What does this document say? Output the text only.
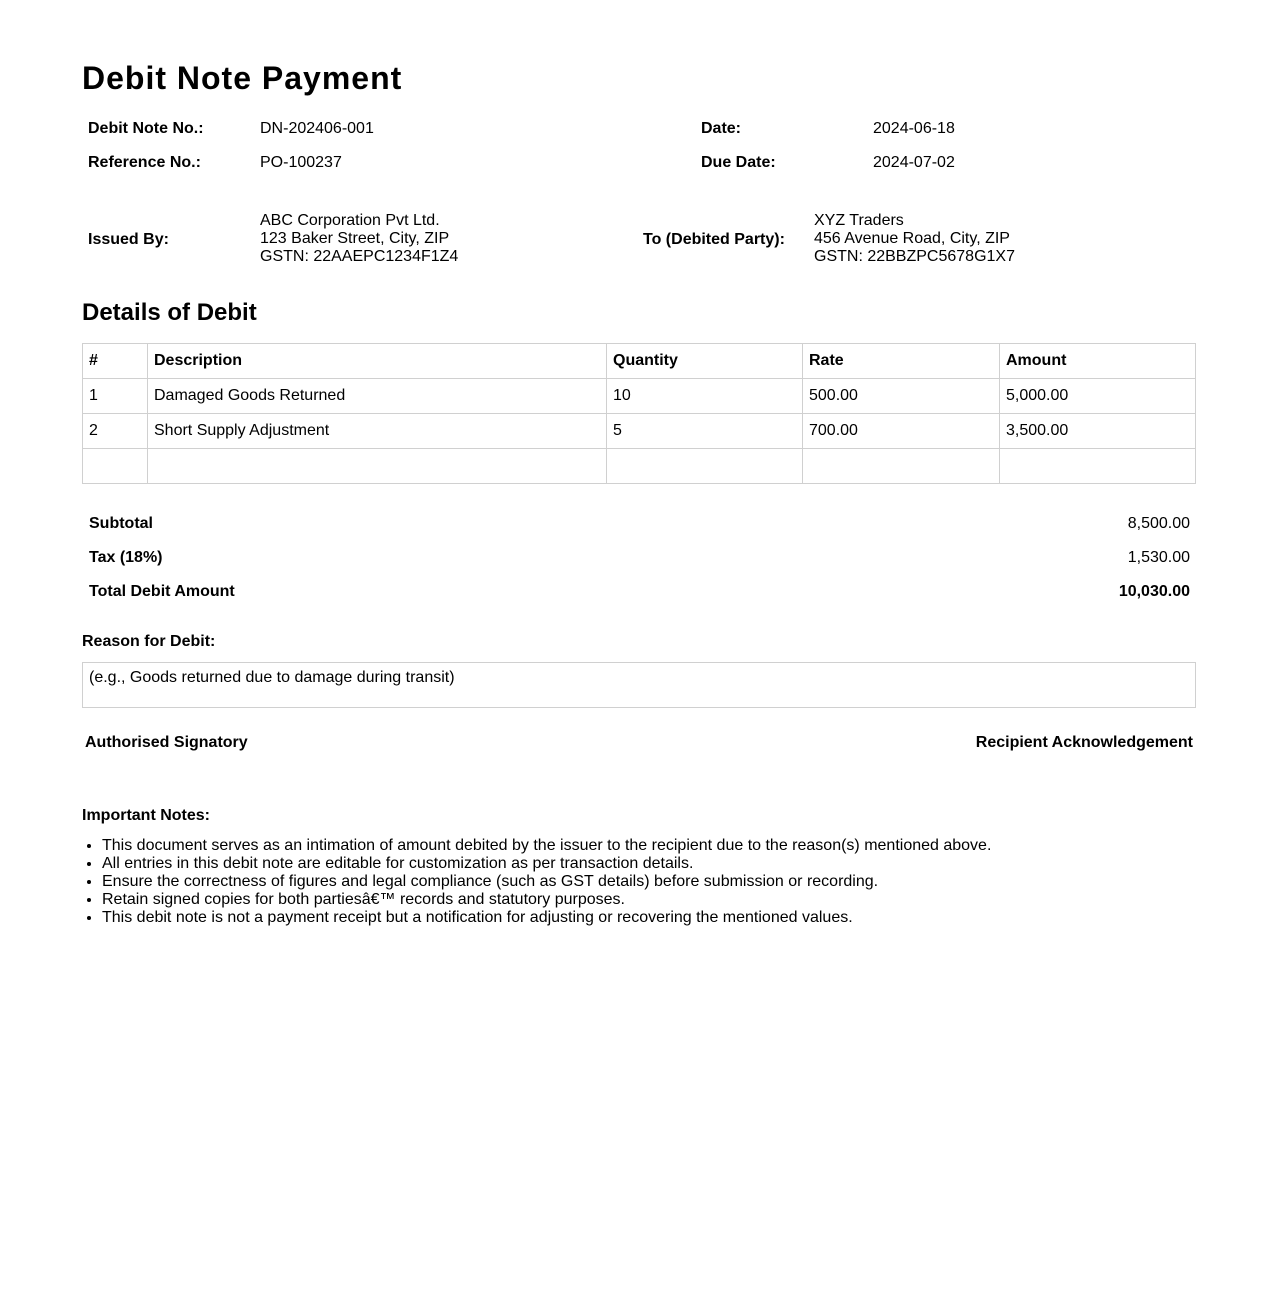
Debit Note Payment
Debit Note No.:	DN-202406-001	Date:	2024-06-18
Reference No.:	PO-100237	Due Date:	2024-07-02
Issued By:
ABC Corporation Pvt Ltd.
123 Baker Street, City, ZIP
GSTN: 22AAEPC1234F1Z4
To (Debited Party):
XYZ Traders
456 Avenue Road, City, ZIP
GSTN: 22BBZPC5678G1X7
Details of Debit
#	Description	Quantity	Rate	Amount
1	Damaged Goods Returned	10	500.00	5,000.00
2	Short Supply Adjustment	5	700.00	3,500.00

Subtotal	8,500.00
Tax (18%)	1,530.00
Total Debit Amount	10,030.00
Reason for Debit:
(e.g., Goods returned due to damage during transit)
Authorised Signatory	Recipient Acknowledgement
Important Notes:
• This document serves as an intimation of amount debited by the issuer to the recipient due to the reason(s) mentioned above.
• All entries in this debit note are editable for customization as per transaction details.
• Ensure the correctness of figures and legal compliance (such as GST details) before submission or recording.
• Retain signed copies for both partiesâ€™ records and statutory purposes.
• This debit note is not a payment receipt but a notification for adjusting or recovering the mentioned values.
